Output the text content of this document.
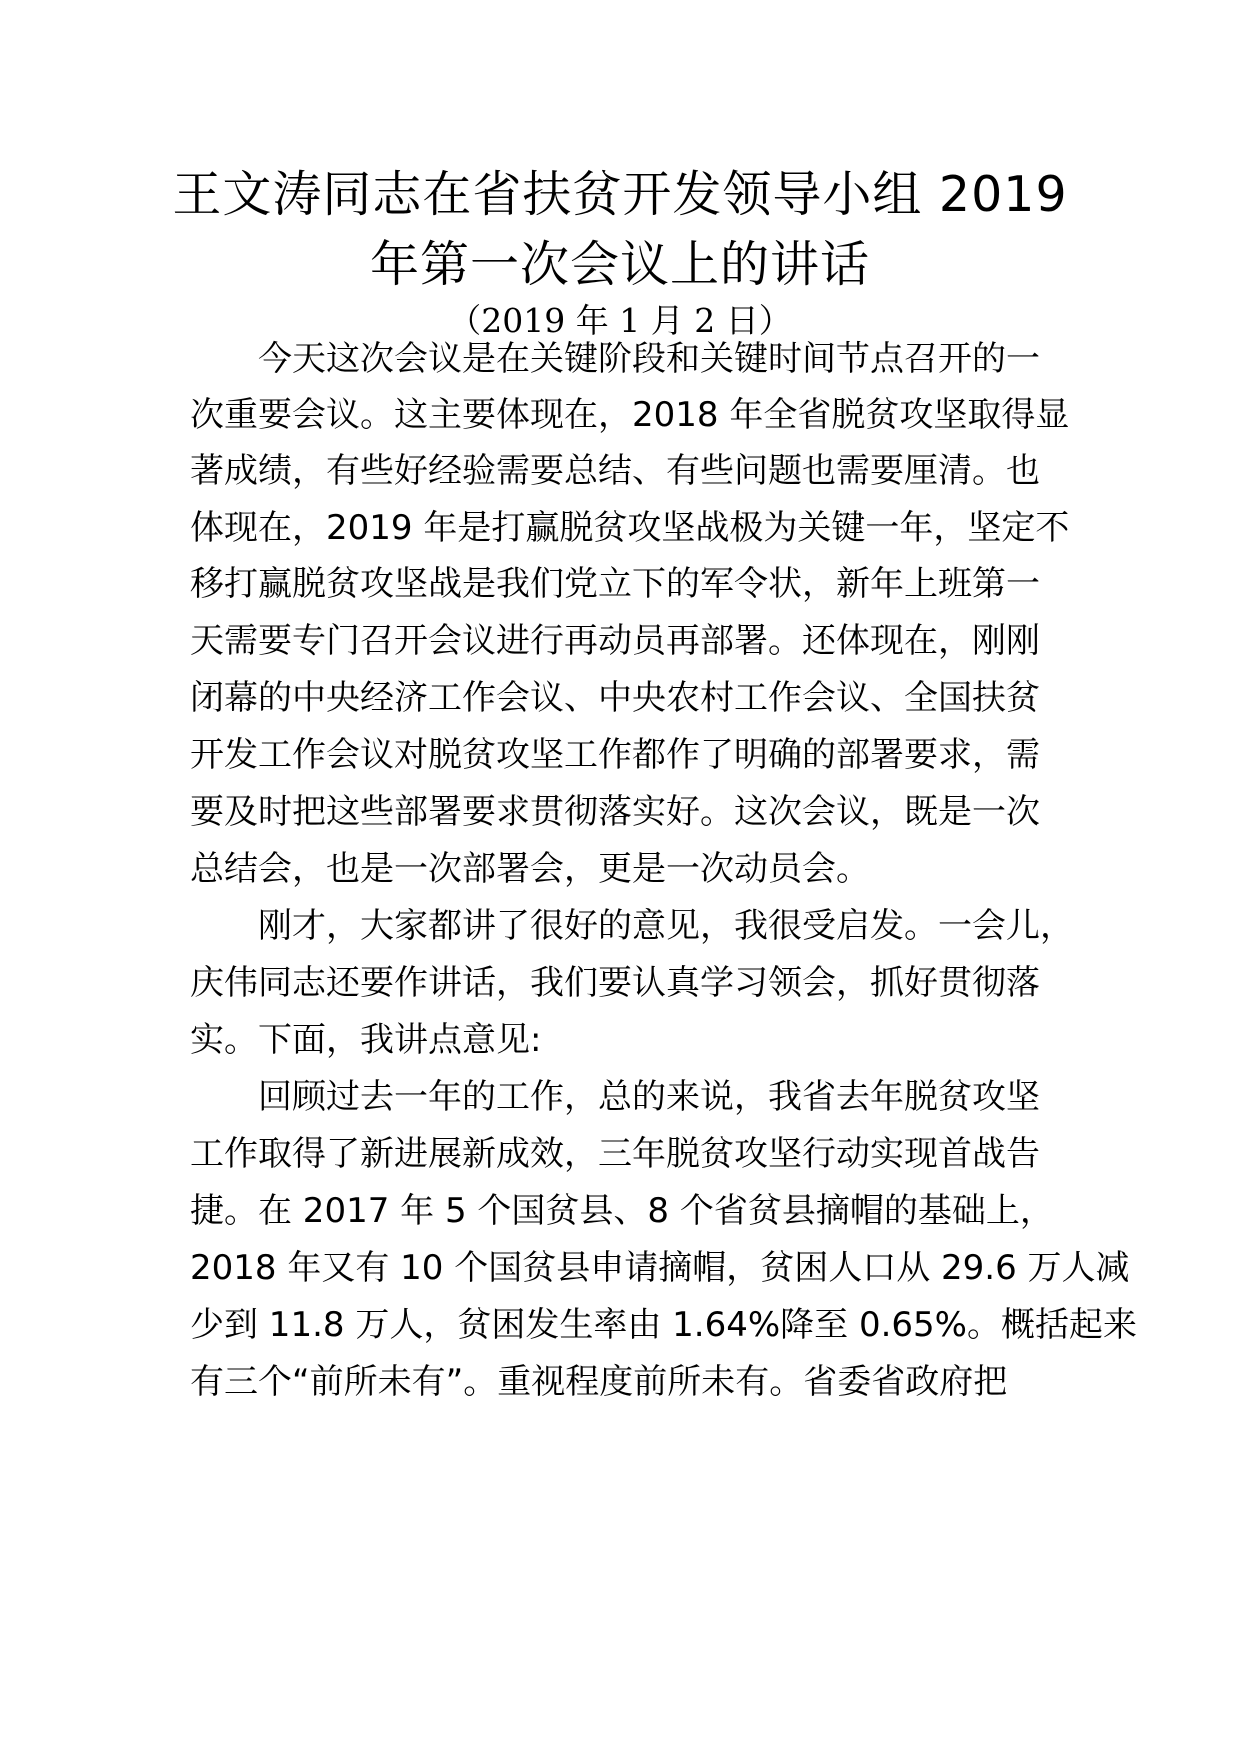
王文涛同志在省扶贫开发领导小组 2019
年第一次会议上的讲话
（2019 年 1 月 2 日）
今天这次会议是在关键阶段和关键时间节点召开的一
次重要会议。这主要体现在，2018 年全省脱贫攻坚取得显
著成绩，有些好经验需要总结、有些问题也需要厘清。也
体现在，2019 年是打赢脱贫攻坚战极为关键一年，坚定不
移打赢脱贫攻坚战是我们党立下的军令状，新年上班第一
天需要专门召开会议进行再动员再部署。还体现在，刚刚
闭幕的中央经济工作会议、中央农村工作会议、全国扶贫
开发工作会议对脱贫攻坚工作都作了明确的部署要求，需
要及时把这些部署要求贯彻落实好。这次会议，既是一次
总结会，也是一次部署会，更是一次动员会。
刚才，大家都讲了很好的意见，我很受启发。一会儿，
庆伟同志还要作讲话，我们要认真学习领会，抓好贯彻落
实。下面，我讲点意见:
回顾过去一年的工作，总的来说，我省去年脱贫攻坚
工作取得了新进展新成效，三年脱贫攻坚行动实现首战告
捷。在 2017 年 5 个国贫县、8 个省贫县摘帽的基础上，
2018 年又有 10 个国贫县申请摘帽，贫困人口从 29.6 万人减
少到 11.8 万人，贫困发生率由 1.64%降至 0.65%。概括起来
有三个“前所未有”。重视程度前所未有。省委省政府把
